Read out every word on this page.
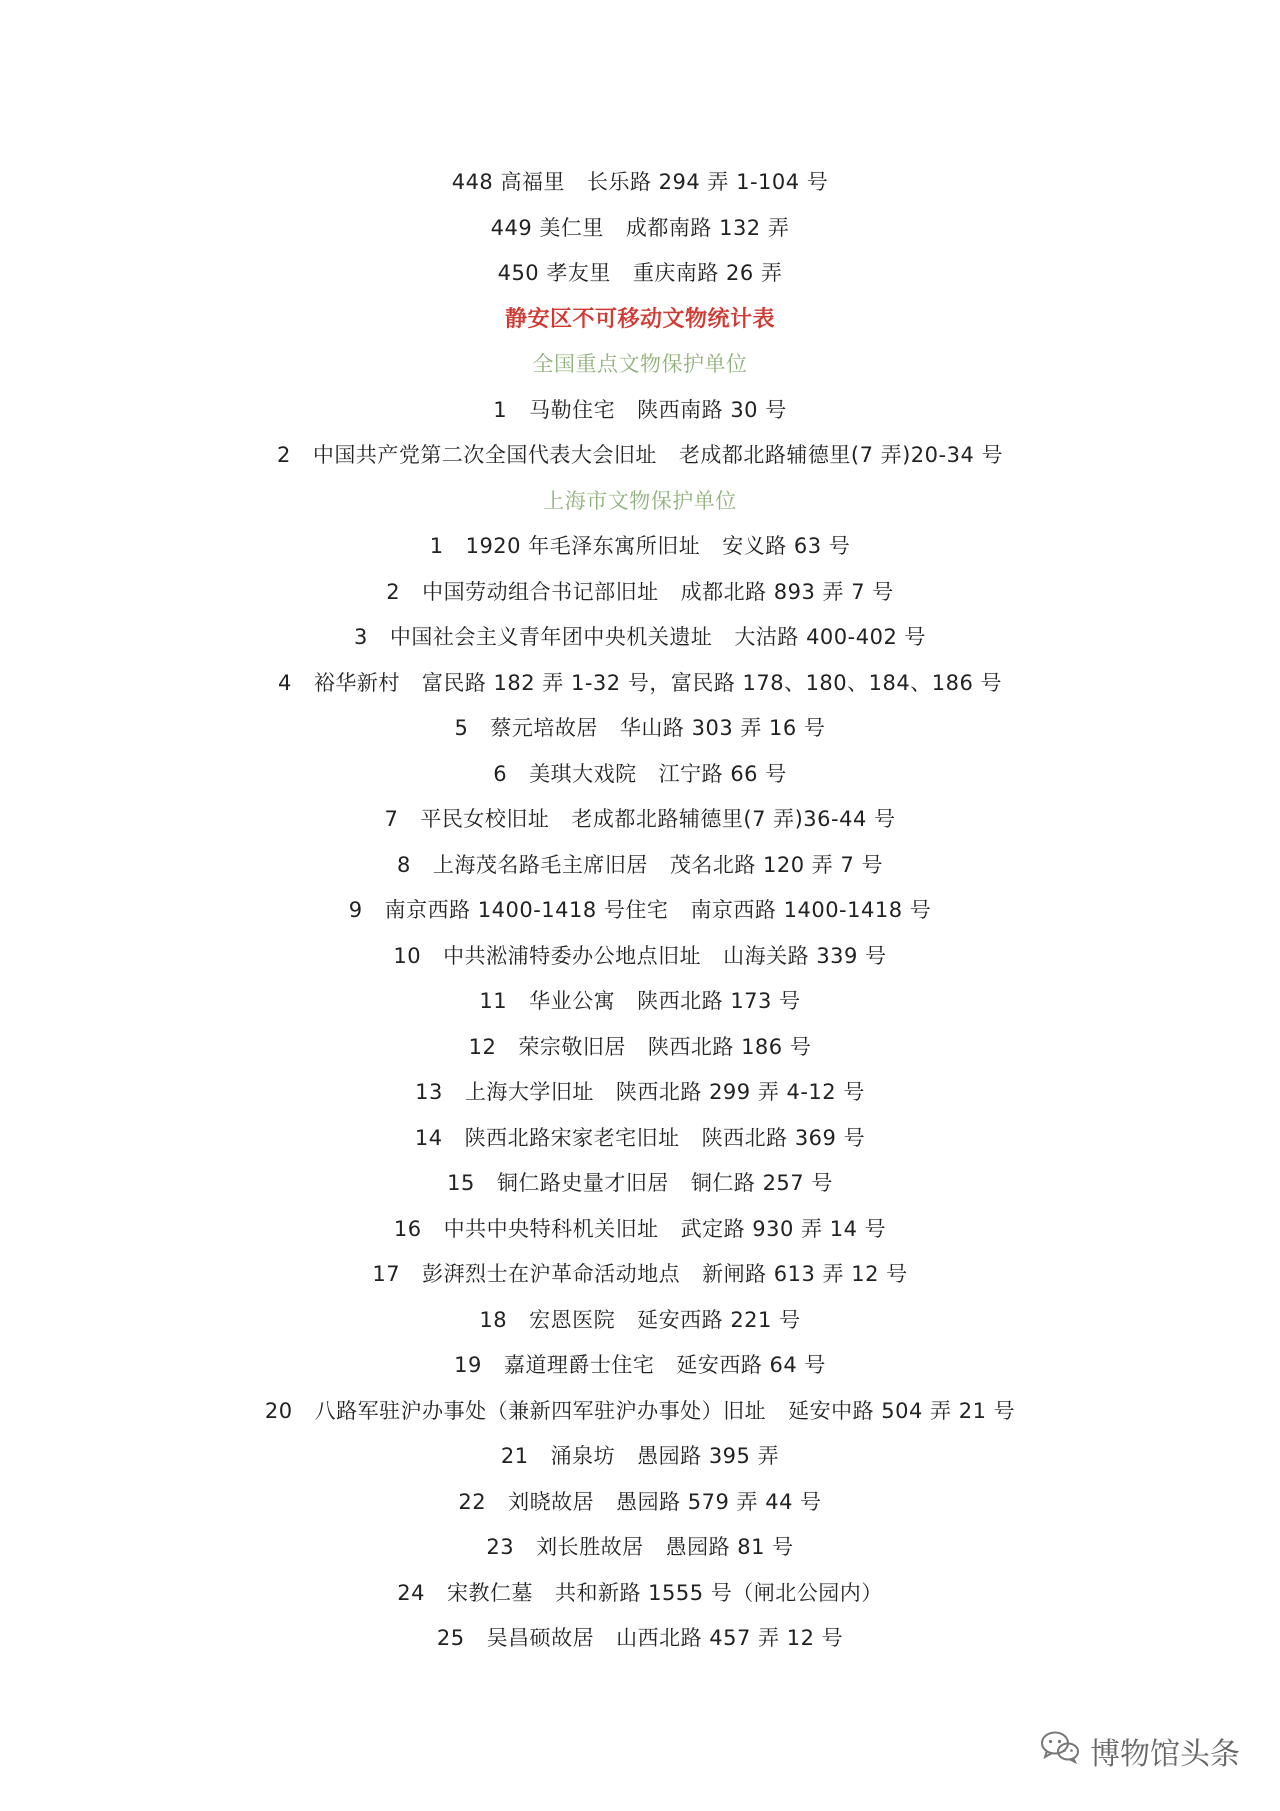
448 高福里 长乐路 294 弄 1-104 号
449 美仁里 成都南路 132 弄
450 孝友里 重庆南路 26 弄
静安区不可移动文物统计表
全国重点文物保护单位
1 马勒住宅 陕西南路 30 号
2 中国共产党第二次全国代表大会旧址 老成都北路辅德里(7 弄)20-34 号
上海市文物保护单位
1 1920 年毛泽东寓所旧址 安义路 63 号
2 中国劳动组合书记部旧址 成都北路 893 弄 7 号
3 中国社会主义青年团中央机关遗址 大沽路 400-402 号
4 裕华新村 富民路 182 弄 1-32 号，富民路 178、180、184、186 号
5 蔡元培故居 华山路 303 弄 16 号
6 美琪大戏院 江宁路 66 号
7 平民女校旧址 老成都北路辅德里(7 弄)36-44 号
8 上海茂名路毛主席旧居 茂名北路 120 弄 7 号
9 南京西路 1400-1418 号住宅 南京西路 1400-1418 号
10 中共淞浦特委办公地点旧址 山海关路 339 号
11 华业公寓 陕西北路 173 号
12 荣宗敬旧居 陕西北路 186 号
13 上海大学旧址 陕西北路 299 弄 4-12 号
14 陕西北路宋家老宅旧址 陕西北路 369 号
15 铜仁路史量才旧居 铜仁路 257 号
16 中共中央特科机关旧址 武定路 930 弄 14 号
17 彭湃烈士在沪革命活动地点 新闸路 613 弄 12 号
18 宏恩医院 延安西路 221 号
19 嘉道理爵士住宅 延安西路 64 号
20 八路军驻沪办事处（兼新四军驻沪办事处）旧址 延安中路 504 弄 21 号
21 涌泉坊 愚园路 395 弄
22 刘晓故居 愚园路 579 弄 44 号
23 刘长胜故居 愚园路 81 号
24 宋教仁墓 共和新路 1555 号（闸北公园内）
25 吴昌硕故居 山西北路 457 弄 12 号
博物馆头条
